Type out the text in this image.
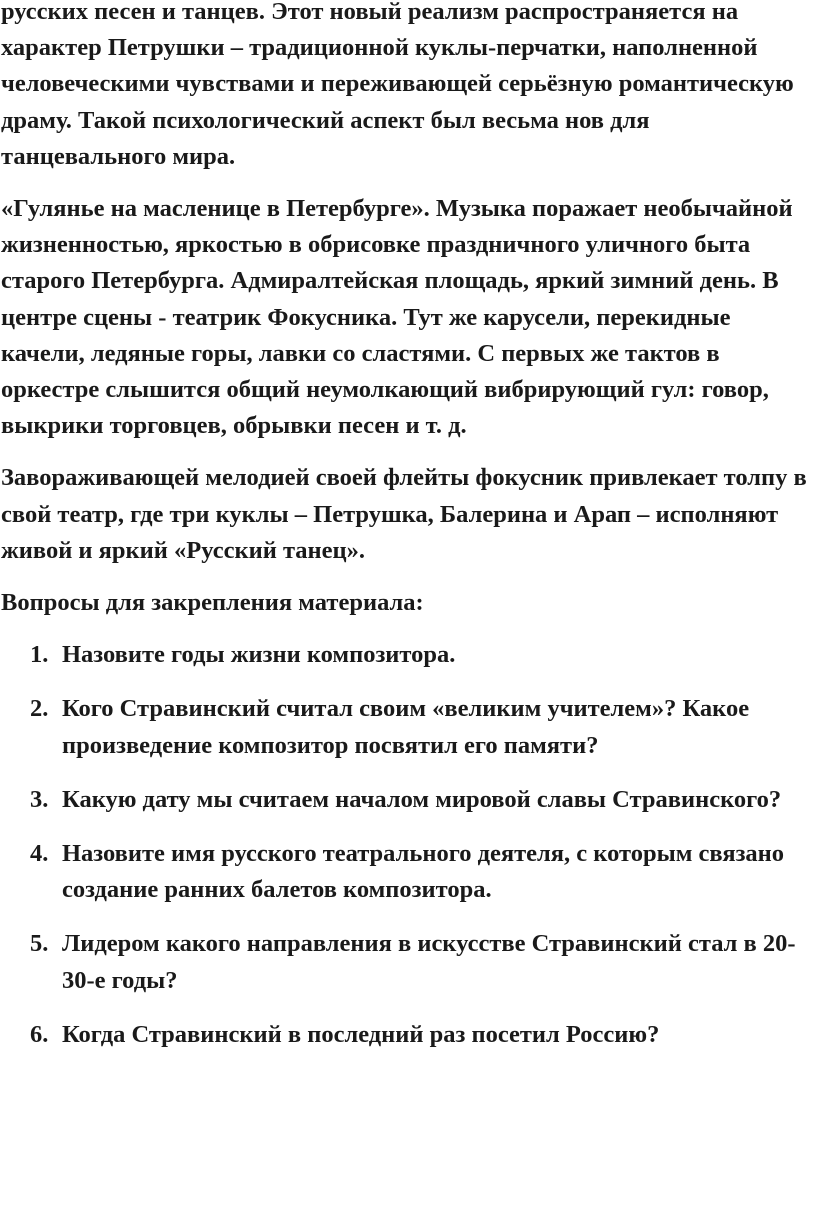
русских песен и танцев. Этот новый реализм распространяется на характер Петрушки – традиционной куклы-перчатки, наполненной человеческими чувствами и переживающей серьёзную романтическую драму. Такой психологический аспект был весьма нов для танцевального мира.

«Гулянье на масленице в Петербурге». Музыка поражает необычайной жизненностью, яркостью в обрисовке праздничного уличного быта старого Петербурга. Адмиралтейская площадь, яркий зимний день. В центре сцены - театрик Фокусника. Тут же карусели, перекидные качели, ледяные горы, лавки со сластями. С первых же тактов в оркестре слышится общий неумолкающий вибрирующий гул: говор, выкрики торговцев, обрывки песен и т. д.

Завораживающей мелодией своей флейты фокусник привлекает толпу в свой театр, где три куклы – Петрушка, Балерина и Арап – исполняют живой и яркий «Русский танец».

Вопросы для закрепления материала:

1. Назовите годы жизни композитора.
2. Кого Стравинский считал своим «великим учителем»? Какое произведение композитор посвятил его памяти?
3. Какую дату мы считаем началом мировой славы Стравинского?
4. Назовите имя русского театрального деятеля, с которым связано создание ранних балетов композитора.
5. Лидером какого направления в искусстве Стравинский стал в 20-30-е годы?
6. Когда Стравинский в последний раз посетил Россию?
